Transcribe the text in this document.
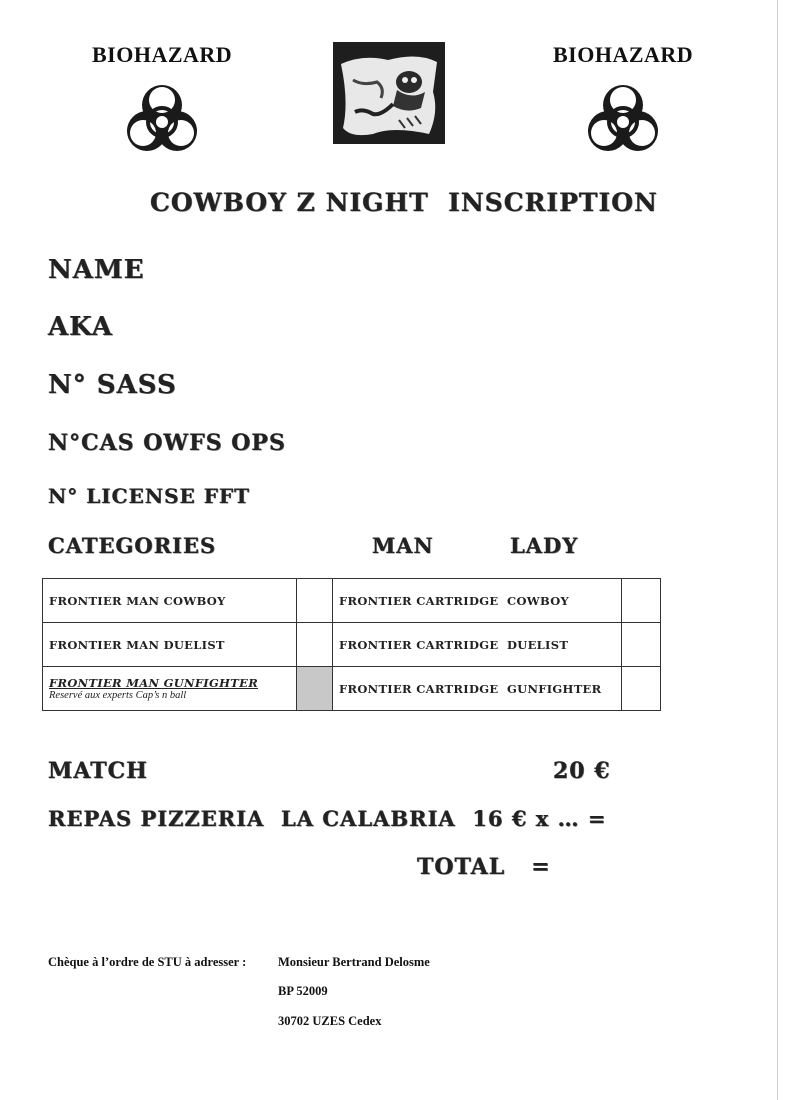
BIOHAZARD	BIOHAZARD
COWBOY Z NIGHT  INSCRIPTION
NAME
AKA
N° SASS
N°CAS OWFS OPS
N° LICENSE FFT
CATEGORIES	MAN	LADY
FRONTIER MAN COWBOY		FRONTIER CARTRIDGE  COWBOY	
FRONTIER MAN DUELIST		FRONTIER CARTRIDGE  DUELIST	

FRONTIER MAN GUNFIGHTER
Reservé aux experts Cap’s n ball		FRONTIER CARTRIDGE  GUNFIGHTER	
MATCH	20 €
REPAS PIZZERIA  LA CALABRIA  16 € x … =
TOTAL   =
Chèque à l’ordre de STU à adresser :	Monsieur Bertrand Delosme
BP 52009
30702 UZES Cedex
